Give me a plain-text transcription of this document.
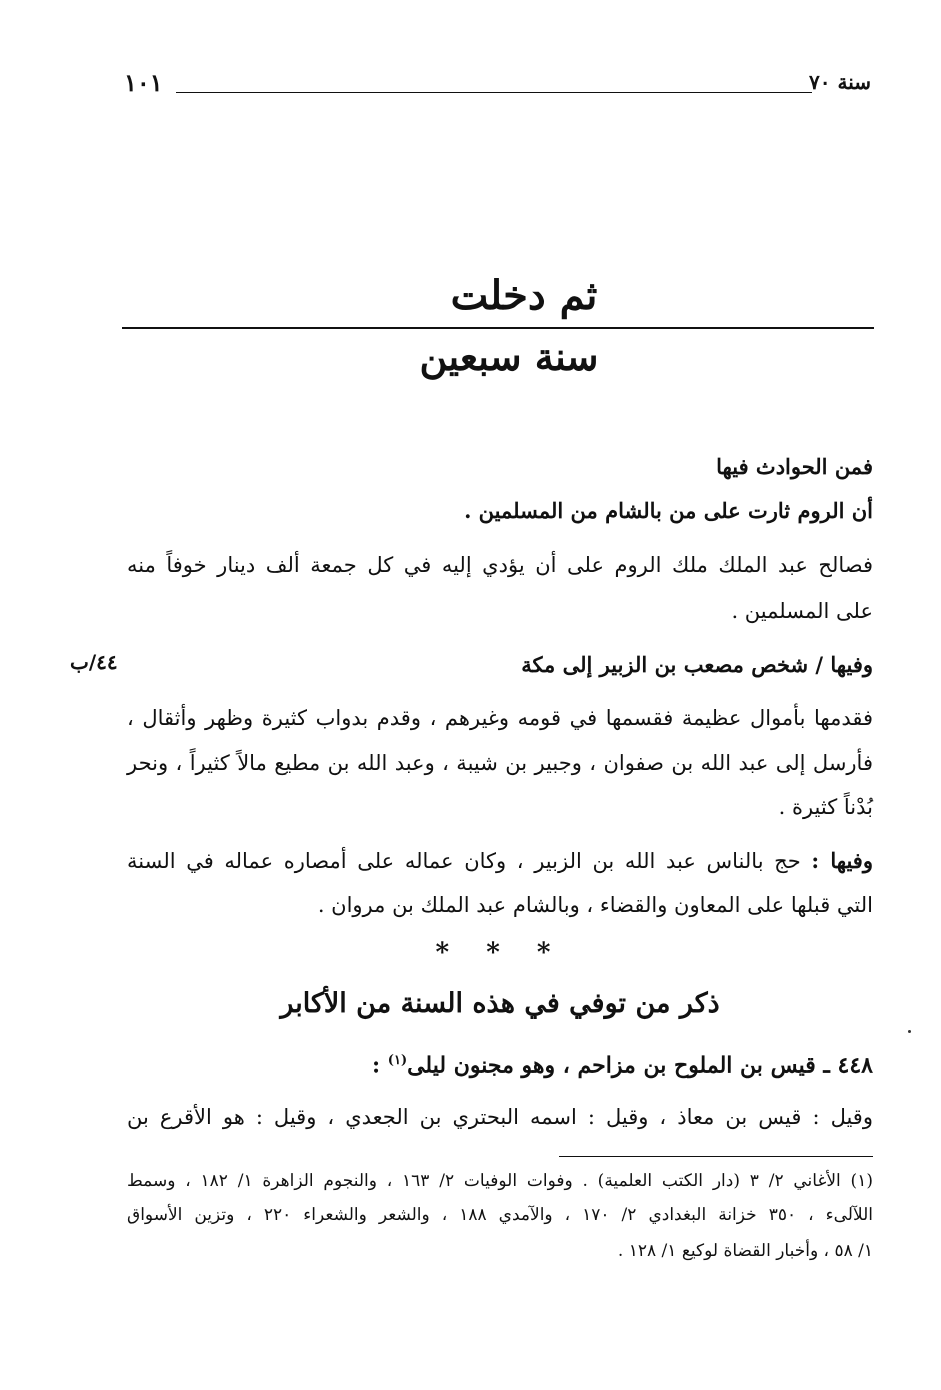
١٠١	سنة ٧٠
ثم دخلت
سنة سبعين
فمن الحوادث فيها
أن الروم ثارت على من بالشام من المسلمين .
فصالح عبد الملك ملك الروم على أن يؤدي إليه في كل جمعة ألف دينار خوفاً منه
على المسلمين .
وفيها / شخص مصعب بن الزبير إلى مكة
٤٤/ب
فقدمها بأموال عظيمة فقسمها في قومه وغيرهم ، وقدم بدواب كثيرة وظهر وأثقال ،
فأرسل إلى عبد الله بن صفوان ، وجبير بن شيبة ، وعبد الله بن مطيع مالاً كثيراً ، ونحر
بُدْناً كثيرة .
وفيها : حج بالناس عبد الله بن الزبير ، وكان عماله على أمصاره عماله في السنة
التي قبلها على المعاون والقضاء ، وبالشام عبد الملك بن مروان .
* * *
ذكر من توفي في هذه السنة من الأكابر
٤٤٨ ـ قيس بن الملوح بن مزاحم ، وهو مجنون ليلى$^{(١)}$ :
وقيل : قيس بن معاذ ، وقيل : اسمه البحتري بن الجعدي ، وقيل : هو الأقرع بن
(١) الأغاني ٢/ ٣ (دار الكتب العلمية) . وفوات الوفيات ٢/ ١٦٣ ، والنجوم الزاهرة ١/ ١٨٢ ، وسمط
اللآلىء ، ٣٥٠ خزانة البغدادي ٢/ ١٧٠ ، والآمدي ١٨٨ ، والشعر والشعراء ٢٢٠ ، وتزين الأسواق
١/ ٥٨ ، وأخبار القضاة لوكيع ١/ ١٢٨ .
